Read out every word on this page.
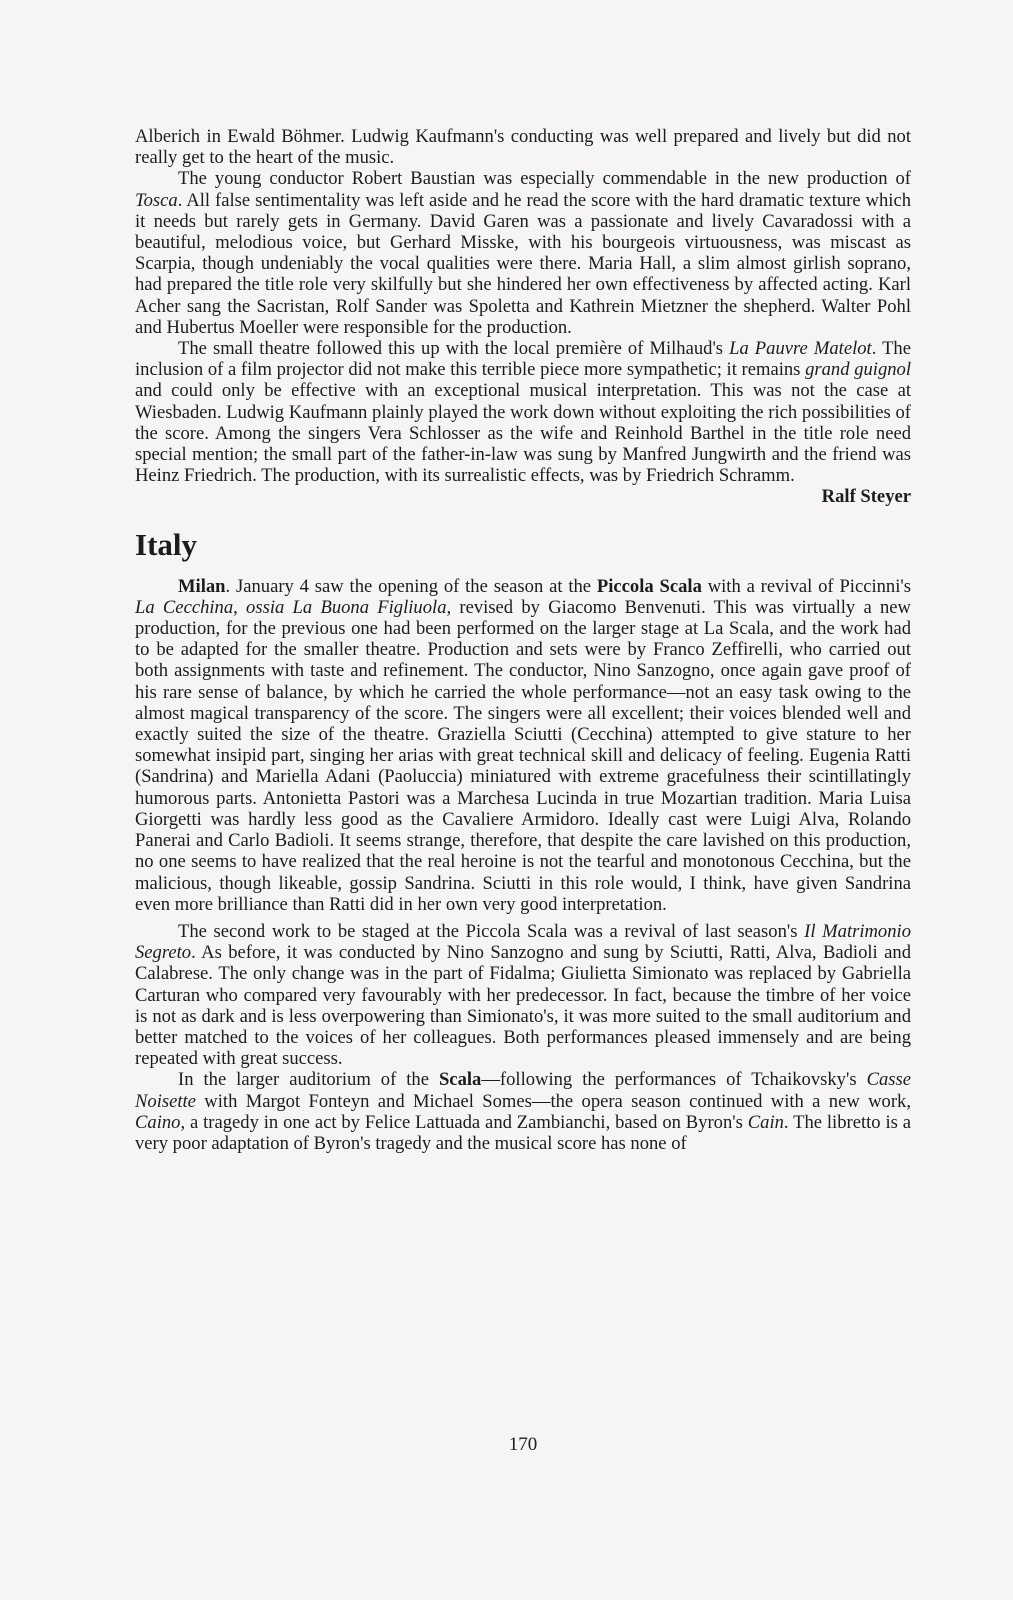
Alberich in Ewald Böhmer. Ludwig Kaufmann's conducting was well prepared and lively but did not really get to the heart of the music.

The young conductor Robert Baustian was especially commendable in the new production of Tosca. All false sentimentality was left aside and he read the score with the hard dramatic texture which it needs but rarely gets in Germany. David Garen was a passionate and lively Cavaradossi with a beautiful, melodious voice, but Gerhard Misske, with his bourgeois virtuousness, was miscast as Scarpia, though undeniably the vocal qualities were there. Maria Hall, a slim almost girlish soprano, had prepared the title role very skilfully but she hindered her own effectiveness by affected acting. Karl Acher sang the Sacristan, Rolf Sander was Spoletta and Kathrein Mietzner the shepherd. Walter Pohl and Hubertus Moeller were responsible for the production.

The small theatre followed this up with the local première of Milhaud's La Pauvre Matelot. The inclusion of a film projector did not make this terrible piece more sympathetic; it remains grand guignol and could only be effective with an exceptional musical interpretation. This was not the case at Wiesbaden. Ludwig Kaufmann plainly played the work down without exploiting the rich possibilities of the score. Among the singers Vera Schlosser as the wife and Reinhold Barthel in the title role need special mention; the small part of the father-in-law was sung by Manfred Jungwirth and the friend was Heinz Friedrich. The production, with its surrealistic effects, was by Friedrich Schramm.
Ralf Steyer

Italy

Milan. January 4 saw the opening of the season at the Piccola Scala with a revival of Piccinni's La Cecchina, ossia La Buona Figliuola, revised by Giacomo Benvenuti. This was virtually a new production, for the previous one had been performed on the larger stage at La Scala, and the work had to be adapted for the smaller theatre. Production and sets were by Franco Zeffirelli, who carried out both assignments with taste and refinement. The conductor, Nino Sanzogno, once again gave proof of his rare sense of balance, by which he carried the whole performance—not an easy task owing to the almost magical transparency of the score. The singers were all excellent; their voices blended well and exactly suited the size of the theatre. Graziella Sciutti (Cecchina) attempted to give stature to her somewhat insipid part, singing her arias with great technical skill and delicacy of feeling. Eugenia Ratti (Sandrina) and Mariella Adani (Paoluccia) miniatured with extreme gracefulness their scintillatingly humorous parts. Antonietta Pastori was a Marchesa Lucinda in true Mozartian tradition. Maria Luisa Giorgetti was hardly less good as the Cavaliere Armidoro. Ideally cast were Luigi Alva, Rolando Panerai and Carlo Badioli. It seems strange, therefore, that despite the care lavished on this production, no one seems to have realized that the real heroine is not the tearful and monotonous Cecchina, but the malicious, though likeable, gossip Sandrina. Sciutti in this role would, I think, have given Sandrina even more brilliance than Ratti did in her own very good interpretation.

The second work to be staged at the Piccola Scala was a revival of last season's Il Matrimonio Segreto. As before, it was conducted by Nino Sanzogno and sung by Sciutti, Ratti, Alva, Badioli and Calabrese. The only change was in the part of Fidalma; Giulietta Simionato was replaced by Gabriella Carturan who compared very favourably with her predecessor. In fact, because the timbre of her voice is not as dark and is less overpowering than Simionato's, it was more suited to the small auditorium and better matched to the voices of her colleagues. Both performances pleased immensely and are being repeated with great success.

In the larger auditorium of the Scala—following the performances of Tchaikovsky's Casse Noisette with Margot Fonteyn and Michael Somes—the opera season continued with a new work, Caino, a tragedy in one act by Felice Lattuada and Zambianchi, based on Byron's Cain. The libretto is a very poor adaptation of Byron's tragedy and the musical score has none of

170
